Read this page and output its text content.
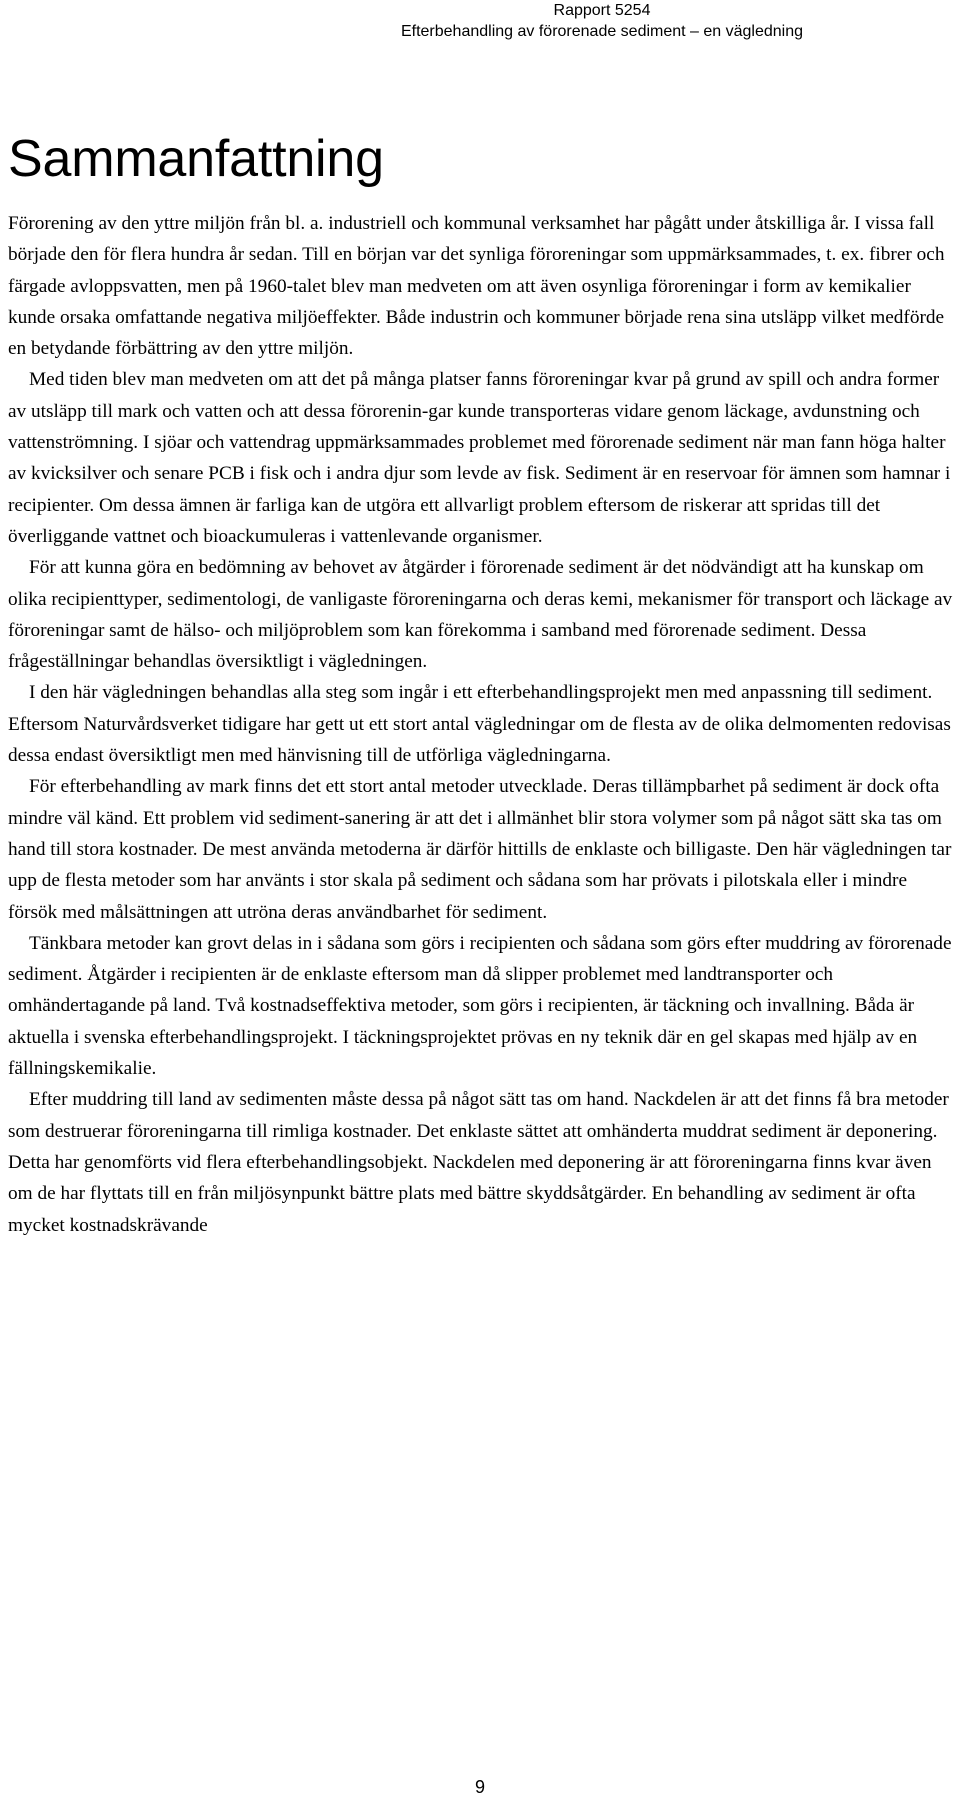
Rapport 5254
Efterbehandling av förorenade sediment – en vägledning
Sammanfattning

Förorening av den yttre miljön från bl. a. industriell och kommunal verksamhet har pågått under åtskilliga år. I vissa fall började den för flera hundra år sedan. Till en början var det synliga föroreningar som uppmärksammades, t. ex. fibrer och färgade avloppsvatten, men på 1960-talet blev man medveten om att även osynliga föroreningar i form av kemikalier kunde orsaka omfattande negativa miljöeffekter. Både industrin och kommuner började rena sina utsläpp vilket medförde en betydande förbättring av den yttre miljön.

Med tiden blev man medveten om att det på många platser fanns föroreningar kvar på grund av spill och andra former av utsläpp till mark och vatten och att dessa förorenin-gar kunde transporteras vidare genom läckage, avdunstning och vattenströmning. I sjöar och vattendrag uppmärksammades problemet med förorenade sediment när man fann höga halter av kvicksilver och senare PCB i fisk och i andra djur som levde av fisk. Sediment är en reservoar för ämnen som hamnar i recipienter. Om dessa ämnen är farliga kan de utgöra ett allvarligt problem eftersom de riskerar att spridas till det överliggande vattnet och bioackumuleras i vattenlevande organismer.

För att kunna göra en bedömning av behovet av åtgärder i förorenade sediment är det nödvändigt att ha kunskap om olika recipienttyper, sedimentologi, de vanligaste föroreningarna och deras kemi, mekanismer för transport och läckage av föroreningar samt de hälso- och miljöproblem som kan förekomma i samband med förorenade sediment. Dessa frågeställningar behandlas översiktligt i vägledningen.

I den här vägledningen behandlas alla steg som ingår i ett efterbehandlingsprojekt men med anpassning till sediment. Eftersom Naturvårdsverket tidigare har gett ut ett stort antal vägledningar om de flesta av de olika delmomenten redovisas dessa endast översiktligt men med hänvisning till de utförliga vägledningarna.

För efterbehandling av mark finns det ett stort antal metoder utvecklade. Deras tillämpbarhet på sediment är dock ofta mindre väl känd. Ett problem vid sediment-sanering är att det i allmänhet blir stora volymer som på något sätt ska tas om hand till stora kostnader. De mest använda metoderna är därför hittills de enklaste och billigaste. Den här vägledningen tar upp de flesta metoder som har använts i stor skala på sediment och sådana som har prövats i pilotskala eller i mindre försök med målsättningen att utröna deras användbarhet för sediment.

Tänkbara metoder kan grovt delas in i sådana som görs i recipienten och sådana som görs efter muddring av förorenade sediment. Åtgärder i recipienten är de enklaste eftersom man då slipper problemet med landtransporter och omhändertagande på land. Två kostnadseffektiva metoder, som görs i recipienten, är täckning och invallning. Båda är aktuella i svenska efterbehandlingsprojekt. I täckningsprojektet prövas en ny teknik där en gel skapas med hjälp av en fällningskemikalie.

Efter muddring till land av sedimenten måste dessa på något sätt tas om hand. Nackdelen är att det finns få bra metoder som destruerar föroreningarna till rimliga kostnader. Det enklaste sättet att omhänderta muddrat sediment är deponering. Detta har genomförts vid flera efterbehandlingsobjekt. Nackdelen med deponering är att föroreningarna finns kvar även om de har flyttats till en från miljösynpunkt bättre plats med bättre skyddsåtgärder. En behandling av sediment är ofta mycket kostnadskrävande

9
